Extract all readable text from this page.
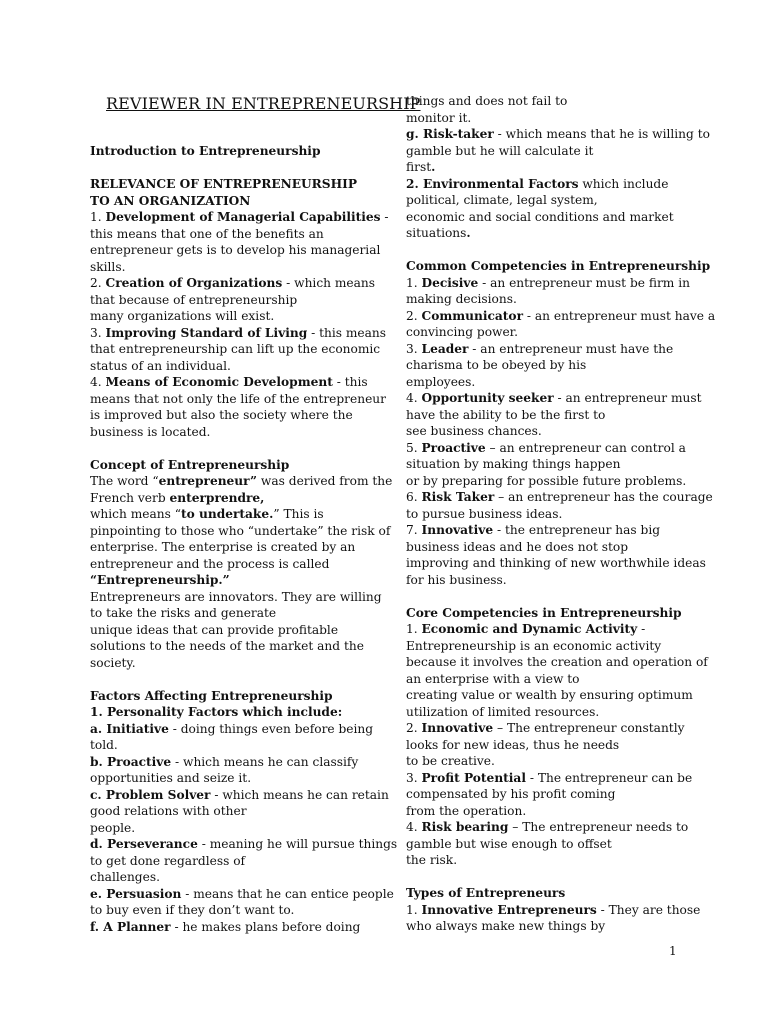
REVIEWER IN ENTREPRENEURSHIP
Introduction to Entrepreneurship
RELEVANCE OF ENTREPRENEURSHIP
TO AN ORGANIZATION
1. Development of Managerial Capabilities -
this means that one of the benefits an
entrepreneur gets is to develop his managerial
skills.
2. Creation of Organizations - which means
that because of entrepreneurship
many organizations will exist.
3. Improving Standard of Living - this means
that entrepreneurship can lift up the economic
status of an individual.
4. Means of Economic Development - this
means that not only the life of the entrepreneur
is improved but also the society where the
business is located.
Concept of Entrepreneurship
The word “entrepreneur” was derived from the
French verb enterprendre,
which means “to undertake.” This is
pinpointing to those who “undertake” the risk of
enterprise. The enterprise is created by an
entrepreneur and the process is called
“Entrepreneurship.”
Entrepreneurs are innovators. They are willing
to take the risks and generate
unique ideas that can provide profitable
solutions to the needs of the market and the
society.
Factors Affecting Entrepreneurship
1. Personality Factors which include:
a. Initiative - doing things even before being
told.
b. Proactive - which means he can classify
opportunities and seize it.
c. Problem Solver - which means he can retain
good relations with other
people.
d. Perseverance - meaning he will pursue things
to get done regardless of
challenges.
e. Persuasion - means that he can entice people
to buy even if they don’t want to.
f. A Planner - he makes plans before doing
things and does not fail to
monitor it.
g. Risk-taker - which means that he is willing to
gamble but he will calculate it
first.
2. Environmental Factors which include
political, climate, legal system,
economic and social conditions and market
situations.
Common Competencies in Entrepreneurship
1. Decisive - an entrepreneur must be firm in
making decisions.
2. Communicator - an entrepreneur must have a
convincing power.
3. Leader - an entrepreneur must have the
charisma to be obeyed by his
employees.
4. Opportunity seeker - an entrepreneur must
have the ability to be the first to
see business chances.
5. Proactive – an entrepreneur can control a
situation by making things happen
or by preparing for possible future problems.
6. Risk Taker – an entrepreneur has the courage
to pursue business ideas.
7. Innovative - the entrepreneur has big
business ideas and he does not stop
improving and thinking of new worthwhile ideas
for his business.
Core Competencies in Entrepreneurship
1. Economic and Dynamic Activity -
Entrepreneurship is an economic activity
because it involves the creation and operation of
an enterprise with a view to
creating value or wealth by ensuring optimum
utilization of limited resources.
2. Innovative – The entrepreneur constantly
looks for new ideas, thus he needs
to be creative.
3. Profit Potential - The entrepreneur can be
compensated by his profit coming
from the operation.
4. Risk bearing – The entrepreneur needs to
gamble but wise enough to offset
the risk.
Types of Entrepreneurs
1. Innovative Entrepreneurs - They are those
who always make new things by
1
